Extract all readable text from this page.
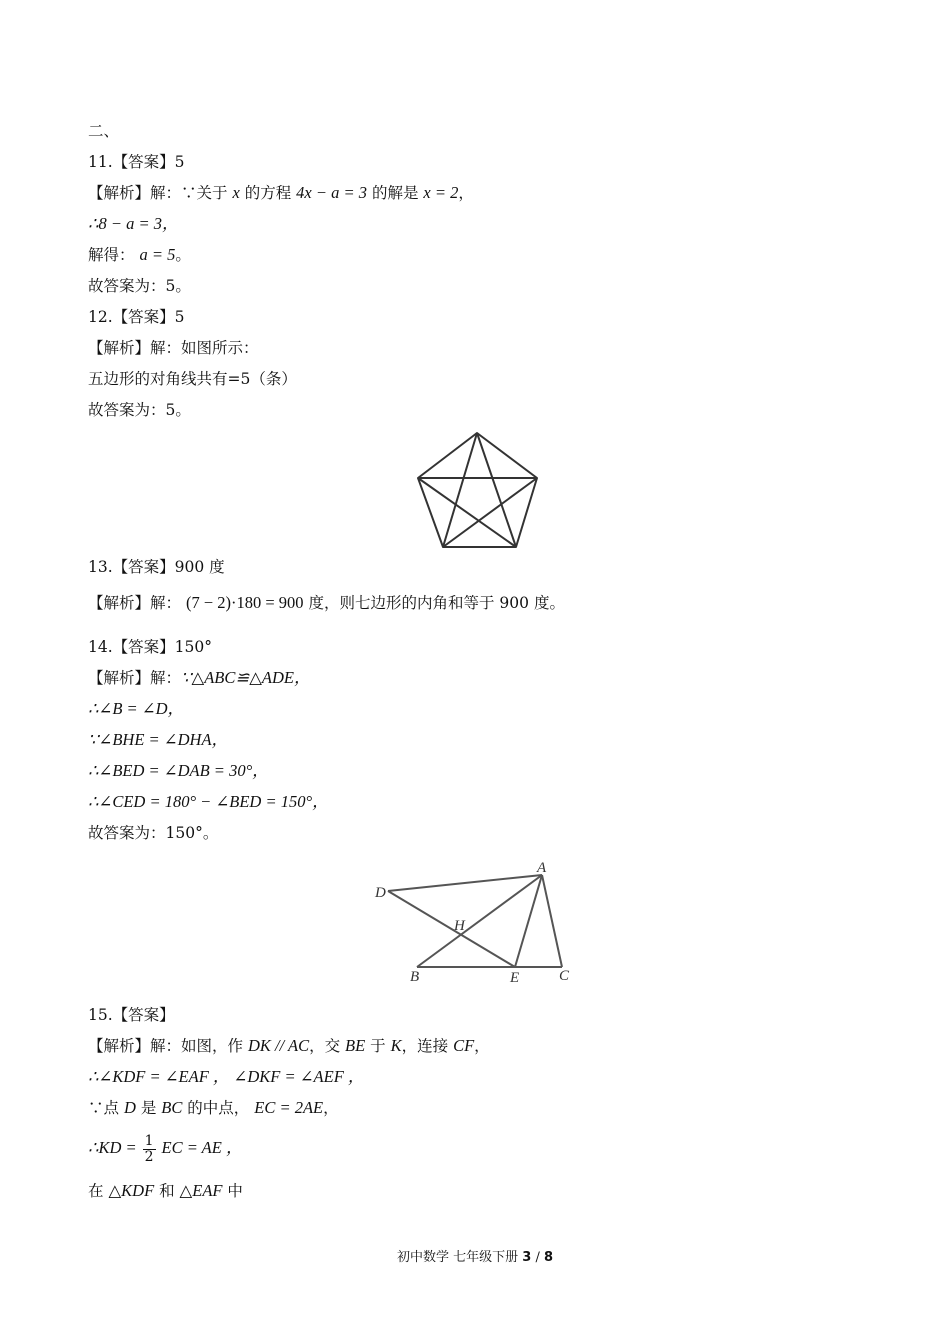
二、
11.【答案】5
【解析】解：∵关于 x 的方程 4x − a = 3 的解是 x = 2，
∴8 − a = 3，
解得： a = 5。
故答案为：5。
12.【答案】5
【解析】解：如图所示：
五边形的对角线共有=5（条）
故答案为：5。
13.【答案】900 度
【解析】解： (7 − 2)·180 = 900 度，则七边形的内角和等于 900 度。
14.【答案】150°
【解析】解：∵△ABC≌△ADE，
∴∠B = ∠D，
∵∠BHE = ∠DHA，
∴∠BED = ∠DAB = 30°，
∴∠CED = 180° − ∠BED = 150°，
故答案为：150°。
D
A
H
B	E	C
15.【答案】
【解析】解：如图，作 DK // AC，交 BE 于 K，连接 CF，
∴∠KDF = ∠EAF ， ∠DKF = ∠AEF ，
∵点 D 是 BC 的中点， EC = 2AE，
∴KD = $\frac{1}{2}$ EC = AE ，
在 △KDF 和 △EAF 中
初中数学 七年级下册 3 / 8
